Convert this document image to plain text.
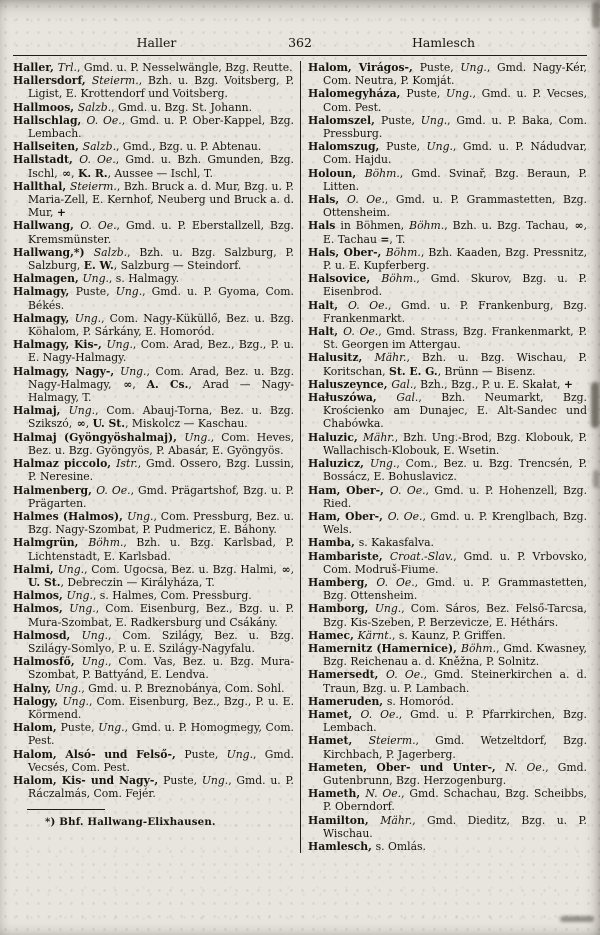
Haller	362	Hamlesch
Haller, Trl., Gmd. u. P. Nesselwängle, Bzg. Reutte.
Hallersdorf, Steierm., Bzh. u. Bzg. Voitsberg, P. Ligist, E. Krottendorf und Voitsberg.
Hallmoos, Salzb., Gmd. u. Bzg. St. Johann.
Hallschlag, O. Oe., Gmd. u. P. Ober-Kappel, Bzg. Lembach.
Hallseiten, Salzb., Gmd., Bzg. u. P. Abtenau.
Hallstadt, O. Oe., Gmd. u. Bzh. Gmunden, Bzg. Ischl, ∞, K. R., Aussee — Ischl, T.
Hallthal, Steierm., Bzh. Bruck a. d. Mur, Bzg. u. P. Maria-Zell, E. Kernhof, Neuberg und Bruck a. d. Mur, +
Hallwang, O. Oe., Gmd. u. P. Eberstallzell, Bzg. Kremsmünster.
Hallwang,*) Salzb., Bzh. u. Bzg. Salzburg, P. Salzburg, E. W., Salzburg — Steindorf.
Halmagen, Ung., s. Halmagy.
Halmagy, Puste, Ung., Gmd. u. P. Gyoma, Com. Békés.
Halmagy, Ung., Com. Nagy-Küküllő, Bez. u. Bzg. Köhalom, P. Sárkány, E. Homoród.
Halmagy, Kis-, Ung., Com. Arad, Bez., Bzg., P. u. E. Nagy-Halmagy.
Halmagy, Nagy-, Ung., Com. Arad, Bez. u. Bzg. Nagy-Halmagy, ∞, A. Cs., Arad — Nagy-Halmagy, T.
Halmaj, Ung., Com. Abauj-Torna, Bez. u. Bzg. Szikszó, ∞, U. St., Miskolcz — Kaschau.
Halmaj (Gyöngyöshalmaj), Ung., Com. Heves, Bez. u. Bzg. Gyöngyös, P. Abasár, E. Gyöngyös.
Halmaz piccolo, Istr., Gmd. Ossero, Bzg. Lussin, P. Neresine.
Halmenberg, O. Oe., Gmd. Prägartshof, Bzg. u. P. Prägarten.
Halmes (Halmos), Ung., Com. Pressburg, Bez. u. Bzg. Nagy-Szombat, P. Pudmericz, E. Báhony.
Halmgrün, Böhm., Bzh. u. Bzg. Karlsbad, P. Lichtenstadt, E. Karlsbad.
Halmi, Ung., Com. Ugocsa, Bez. u. Bzg. Halmi, ∞, U. St., Debreczin — Királyháza, T.
Halmos, Ung., s. Halmes, Com. Pressburg.
Halmos, Ung., Com. Eisenburg, Bez., Bzg. u. P. Mura-Szombat, E. Radkersburg und Csákány.
Halmosd, Ung., Com. Szilágy, Bez. u. Bzg. Szilágy-Somlyo, P. u. E. Szilágy-Nagyfalu.
Halmosfő, Ung., Com. Vas, Bez. u. Bzg. Mura-Szombat, P. Battyánd, E. Lendva.
Halny, Ung., Gmd. u. P. Breznobánya, Com. Sohl.
Halogy, Ung., Com. Eisenburg, Bez., Bzg., P. u. E. Körmend.
Halom, Puste, Ung., Gmd. u. P. Homogmegy, Com. Pest.
Halom, Alsó- und Felső-, Puste, Ung., Gmd. Vecsés, Com. Pest.
Halom, Kis- und Nagy-, Puste, Ung., Gmd. u. P. Ráczalmás, Com. Fejér.
*) Bhf. Hallwang-Elixhausen.
Halom, Virágos-, Puste, Ung., Gmd. Nagy-Kér, Com. Neutra, P. Komját.
Halomegyháza, Puste, Ung., Gmd. u. P. Vecses, Com. Pest.
Halomszel, Puste, Ung., Gmd. u. P. Baka, Com. Pressburg.
Halomszug, Puste, Ung., Gmd. u. P. Nádudvar, Com. Hajdu.
Holoun, Böhm., Gmd. Svinař, Bzg. Beraun, P. Litten.
Hals, O. Oe., Gmd. u. P. Grammastetten, Bzg. Ottensheim.
Hals in Böhmen, Böhm., Bzh. u. Bzg. Tachau, ∞, E. Tachau =, T.
Hals, Ober-, Böhm., Bzh. Kaaden, Bzg. Pressnitz, P. u. E. Kupferberg.
Halsovice, Böhm., Gmd. Skurov, Bzg. u. P. Eisenbrod.
Halt, O. Oe., Gmd. u. P. Frankenburg, Bzg. Frankenmarkt.
Halt, O. Oe., Gmd. Strass, Bzg. Frankenmarkt, P. St. Georgen im Attergau.
Halusitz, Mähr., Bzh. u. Bzg. Wischau, P. Koritschan, St. E. G., Brünn — Bisenz.
Haluszeynce, Gal., Bzh., Bzg., P. u. E. Skałat, +
Hałuszówa, Gal., Bzh. Neumarkt, Bzg. Krościenko am Dunajec, E. Alt-Sandec und Chabówka.
Haluzic, Mähr., Bzh. Ung.-Brod, Bzg. Klobouk, P. Wallachisch-Klobouk, E. Wsetin.
Haluzicz, Ung., Com., Bez. u. Bzg. Trencsén, P. Bossácz, E. Bohuslavicz.
Ham, Ober-, O. Oe., Gmd. u. P. Hohenzell, Bzg. Ried.
Ham, Ober-, O. Oe., Gmd. u. P. Krenglbach, Bzg. Wels.
Hamba, s. Kakasfalva.
Hambariste, Croat.-Slav., Gmd. u. P. Vrbovsko, Com. Modruš-Fiume.
Hamberg, O. Oe., Gmd. u. P. Grammastetten, Bzg. Ottensheim.
Hamborg, Ung., Com. Sáros, Bez. Felső-Tarcsa, Bzg. Kis-Szeben, P. Berzevicze, E. Héthárs.
Hamec, Kärnt., s. Kaunz, P. Griffen.
Hamernitz (Hamernice), Böhm., Gmd. Kwasney, Bzg. Reichenau a. d. Kněžna, P. Solnitz.
Hamersedt, O. Oe., Gmd. Steinerkirchen a. d. Traun, Bzg. u. P. Lambach.
Hameruden, s. Homoród.
Hamet, O. Oe., Gmd. u. P. Pfarrkirchen, Bzg. Lembach.
Hamet, Steierm., Gmd. Wetzeltdorf, Bzg. Kirchbach, P. Jagerberg.
Hameten, Ober- und Unter-, N. Oe., Gmd. Gutenbrunn, Bzg. Herzogenburg.
Hameth, N. Oe., Gmd. Schachau, Bzg. Scheibbs, P. Oberndorf.
Hamilton, Mähr., Gmd. Dieditz, Bzg. u. P. Wischau.
Hamlesch, s. Omlás.
